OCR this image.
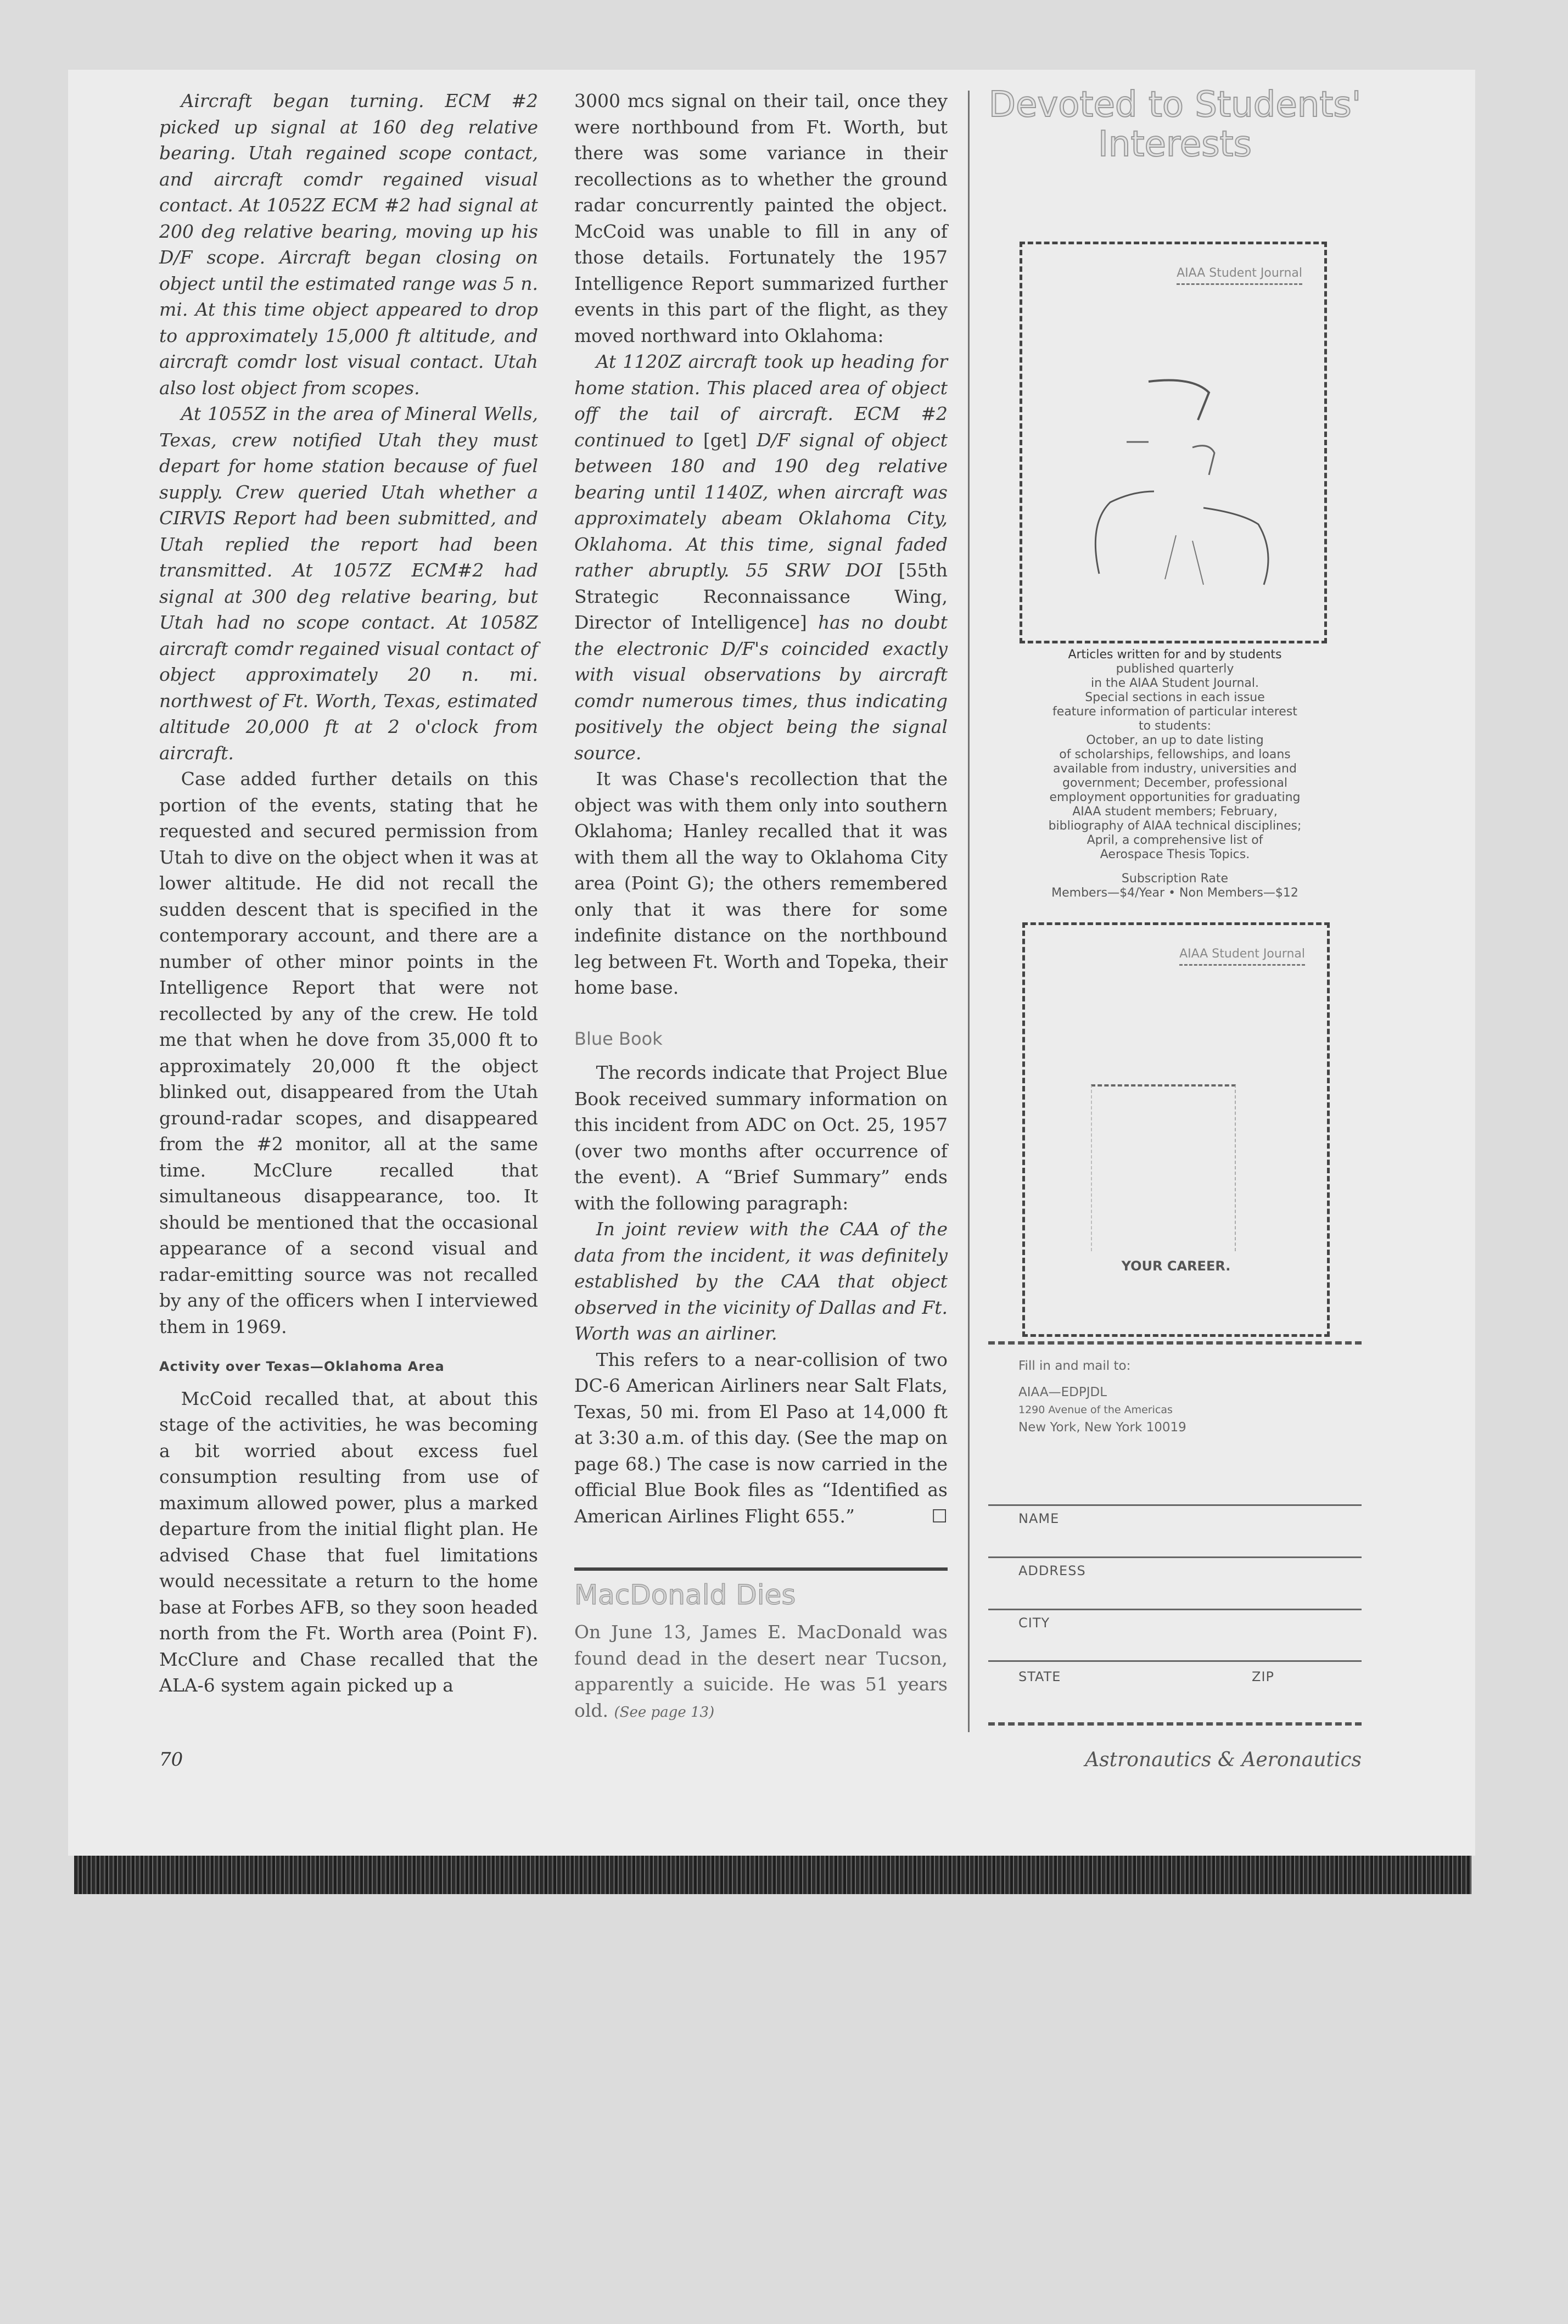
Aircraft began turning. ECM #2 picked up signal at 160 deg relative bearing. Utah regained scope contact, and aircraft comdr regained visual contact. At 1052Z ECM #2 had signal at 200 deg relative bearing, moving up his D/F scope. Aircraft began closing on object until the estimated range was 5 n. mi. At this time object appeared to drop to approximately 15,000 ft altitude, and aircraft comdr lost visual contact. Utah also lost object from scopes.

At 1055Z in the area of Mineral Wells, Texas, crew notified Utah they must depart for home station because of fuel supply. Crew queried Utah whether a CIRVIS Report had been submitted, and Utah replied the report had been transmitted. At 1057Z ECM#2 had signal at 300 deg relative bearing, but Utah had no scope contact. At 1058Z aircraft comdr regained visual contact of object approximately 20 n. mi. northwest of Ft. Worth, Texas, estimated altitude 20,000 ft at 2 o'clock from aircraft.

Case added further details on this portion of the events, stating that he requested and secured permission from Utah to dive on the object when it was at lower altitude. He did not recall the sudden descent that is specified in the contemporary account, and there are a number of other minor points in the Intelligence Report that were not recollected by any of the crew. He told me that when he dove from 35,000 ft to approximately 20,000 ft the object blinked out, disappeared from the Utah ground-radar scopes, and disappeared from the #2 monitor, all at the same time. McClure recalled that simultaneous disappearance, too. It should be mentioned that the occasional appearance of a second visual and radar-emitting source was not recalled by any of the officers when I interviewed them in 1969.

Activity over Texas—Oklahoma Area

McCoid recalled that, at about this stage of the activities, he was becoming a bit worried about excess fuel consumption resulting from use of maximum allowed power, plus a marked departure from the initial flight plan. He advised Chase that fuel limitations would necessitate a return to the home base at Forbes AFB, so they soon headed north from the Ft. Worth area (Point F). McClure and Chase recalled that the ALA-6 system again picked up a

3000 mcs signal on their tail, once they were northbound from Ft. Worth, but there was some variance in their recollections as to whether the ground radar concurrently painted the object. McCoid was unable to fill in any of those details. Fortunately the 1957 Intelligence Report summarized further events in this part of the flight, as they moved northward into Oklahoma:

At 1120Z aircraft took up heading for home station. This placed area of object off the tail of aircraft. ECM #2 continued to [get] D/F signal of object between 180 and 190 deg relative bearing until 1140Z, when aircraft was approximately abeam Oklahoma City, Oklahoma. At this time, signal faded rather abruptly. 55 SRW DOI [55th Strategic Reconnaissance Wing, Director of Intelligence] has no doubt the electronic D/F's coincided exactly with visual observations by aircraft comdr numerous times, thus indicating positively the object being the signal source.

It was Chase's recollection that the object was with them only into southern Oklahoma; Hanley recalled that it was with them all the way to Oklahoma City area (Point G); the others remembered only that it was there for some indefinite distance on the northbound leg between Ft. Worth and Topeka, their home base.

Blue Book

The records indicate that Project Blue Book received summary information on this incident from ADC on Oct. 25, 1957 (over two months after occurrence of the event). A “Brief Summary” ends with the following paragraph:

In joint review with the CAA of the data from the incident, it was definitely established by the CAA that object observed in the vicinity of Dallas and Ft. Worth was an airliner.

This refers to a near-collision of two DC-6 American Airliners near Salt Flats, Texas, 50 mi. from El Paso at 14,000 ft at 3:30 a.m. of this day. (See the map on page 68.) The case is now carried in the official Blue Book files as “Identified as American Airlines Flight 655.”	☐

MacDonald Dies
On June 13, James E. MacDonald was found dead in the desert near Tucson, apparently a suicide. He was 51 years old. (See page 13)
Devoted to Students' Interests
AIAA Student Journal
Articles written for and by students
published quarterly
in the AIAA Student Journal.
Special sections in each issue
feature information of particular interest
to students:
October, an up to date listing
of scholarships, fellowships, and loans
available from industry, universities and
government; December, professional
employment opportunities for graduating
AIAA student members; February,
bibliography of AIAA technical disciplines;
April, a comprehensive list of
Aerospace Thesis Topics.
Subscription Rate
Members—$4/Year • Non Members—$12
AIAA Student Journal
YOUR CAREER.
Fill in and mail to:
AIAA—EDPJDL
1290 Avenue of the Americas
New York, New York 10019
NAME
ADDRESS
CITY
STATE	ZIP
70	Astronautics & Aeronautics
